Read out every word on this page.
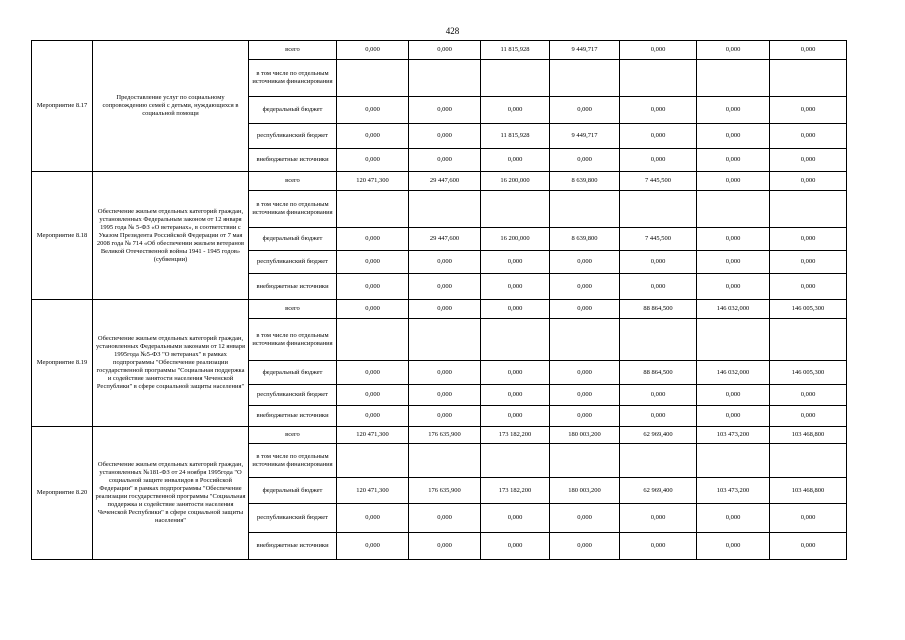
428
Мероприятие 8.17	Предоставление услуг по социальному сопровождению семей с детьми, нуждающихся в социальной помощи	всего	0,000	0,000	11 815,928	9 449,717	0,000	0,000	0,000
		в том числе по отдельным источникам финансирования							
		федеральный бюджет	0,000	0,000	0,000	0,000	0,000	0,000	0,000
		республиканский бюджет	0,000	0,000	11 815,928	9 449,717	0,000	0,000	0,000
		внебюджетные источники	0,000	0,000	0,000	0,000	0,000	0,000	0,000
Мероприятие 8.18	Обеспечение жильем отдельных категорий граждан, установленных Федеральным законом от 12 января 1995 года № 5-ФЗ «О ветеранах», в соответствии с Указом Президента Российской Федерации от 7 мая 2008 года № 714 «Об обеспечении жильем ветеранов Великой Отечественной войны 1941 - 1945 годов» (субвенции)	всего	120 471,300	29 447,600	16 200,000	8 639,800	7 445,500	0,000	0,000
		в том числе по отдельным источникам финансирования							
		федеральный бюджет	0,000	29 447,600	16 200,000	8 639,800	7 445,500	0,000	0,000
		республиканский бюджет	0,000	0,000	0,000	0,000	0,000	0,000	0,000
		внебюджетные источники	0,000	0,000	0,000	0,000	0,000	0,000	0,000
Мероприятие 8.19	Обеспечение жильем отдельных категорий граждан, установленных Федеральными законами от 12 января 1995года №5-ФЗ "О ветеранах" в рамках подпрограммы "Обеспечение реализации государственной программы "Социальная поддержка и содействие занятости населения Чеченской Республики" в сфере социальной защиты населения"	всего	0,000	0,000	0,000	0,000	88 864,500	146 032,000	146 005,300
		в том числе по отдельным источникам финансирования							
		федеральный бюджет	0,000	0,000	0,000	0,000	88 864,500	146 032,000	146 005,300
		республиканский бюджет	0,000	0,000	0,000	0,000	0,000	0,000	0,000
		внебюджетные источники	0,000	0,000	0,000	0,000	0,000	0,000	0,000
Мероприятие 8.20	Обеспечение жильем отдельных категорий граждан, установленных №181-ФЗ от 24 ноября 1995года "О социальной защите инвалидов в Российской Федерации" в рамках подпрограммы "Обеспечение реализации государственной программы "Социальная поддержка и содействие занятости населения Чеченской Республики" в сфере социальной защиты населения"	всего	120 471,300	176 635,900	173 182,200	180 003,200	62 969,400	103 473,200	103 468,800
		в том числе по отдельным источникам финансирования							
		федеральный бюджет	120 471,300	176 635,900	173 182,200	180 003,200	62 969,400	103 473,200	103 468,800
		республиканский бюджет	0,000	0,000	0,000	0,000	0,000	0,000	0,000
		внебюджетные источники	0,000	0,000	0,000	0,000	0,000	0,000	0,000
